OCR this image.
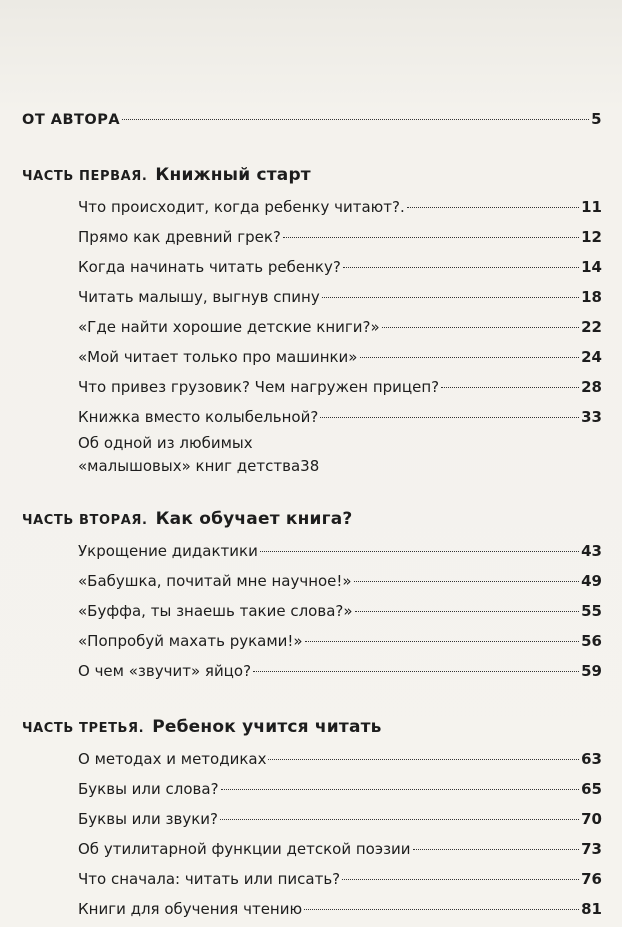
ОТ АВТОРА	5
ЧАСТЬ ПЕРВАЯ. Книжный старт
Что происходит, когда ребенку читают?.	11
Прямо как древний грек?	12
Когда начинать читать ребенку?	14
Читать малышу, выгнув спину	18
«Где найти хорошие детские книги?»	22
«Мой читает только про машинки»	24
Что привез грузовик? Чем нагружен прицеп?	28
Книжка вместо колыбельной?	33
Об одной из любимых
«малышовых» книг детства 38
ЧАСТЬ ВТОРАЯ. Как обучает книга?
Укрощение дидактики	43
«Бабушка, почитай мне научное!»	49
«Буффа, ты знаешь такие слова?»	55
«Попробуй махать руками!»	56
О чем «звучит» яйцо?	59
ЧАСТЬ ТРЕТЬЯ. Ребенок учится читать
О методах и методиках	63
Буквы или слова?	65
Буквы или звуки?	70
Об утилитарной функции детской поэзии	73
Что сначала: читать или писать?	76
Книги для обучения чтению	81
